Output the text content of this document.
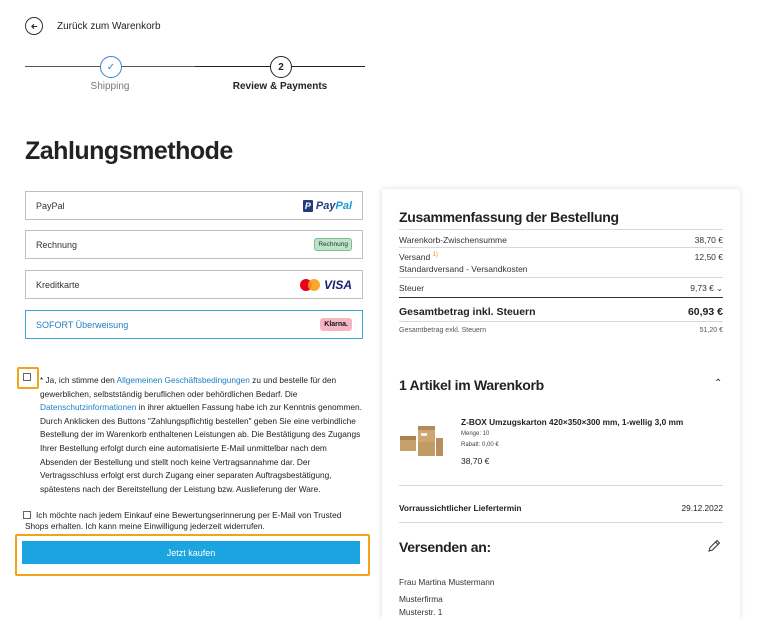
Zurück zum Warenkorb
✓	2
Shipping	Review & Payments
Zahlungsmethode
PayPal	P Pay Pal
Rechnung	Rechnung
Kreditkarte	VISA
SOFORT Überweisung	Klarna.
* Ja, ich stimme den Allgemeinen Geschäftsbedingungen zu und bestelle für den gewerblichen, selbstständig beruflichen oder behördlichen Bedarf. Die Datenschutzinformationen in ihrer aktuellen Fassung habe ich zur Kenntnis genommen. Durch Anklicken des Buttons "Zahlungspflichtig bestellen" geben Sie eine verbindliche Bestellung der im Warenkorb enthaltenen Leistungen ab. Die Bestätigung des Zugangs Ihrer Bestellung erfolgt durch eine automatisierte E-Mail unmittelbar nach dem Absenden der Bestellung und stellt noch keine Vertragsannahme dar. Der Vertragsschluss erfolgt erst durch Zugang einer separaten Auftragsbestätigung, spätestens nach der Bereitstellung der Leistung bzw. Auslieferung der Ware.
Ich möchte nach jedem Einkauf eine Bewertungserinnerung per E-Mail von Trusted Shops erhalten. Ich kann meine Einwilligung jederzeit widerrufen.
Jetzt kaufen
Zusammenfassung der Bestellung
Warenkorb-Zwischensumme	38,70 €
Versand $^{1)}$	12,50 €
Standardversand - Versandkosten
Steuer	9,73 € ⌄
Gesamtbetrag inkl. Steuern	60,93 €
Gesamtbetrag exkl. Steuern	51,20 €
1 Artikel im Warenkorb	⌃
Z-BOX Umzugskarton 420×350×300 mm, 1-wellig 3,0 mm
Menge: 10
Rabatt: 0,00 €
38,70 €
Vorraussichtlicher Liefertermin	29.12.2022
Versenden an:
Frau Martina Mustermann
Musterfirma
Musterstr. 1
